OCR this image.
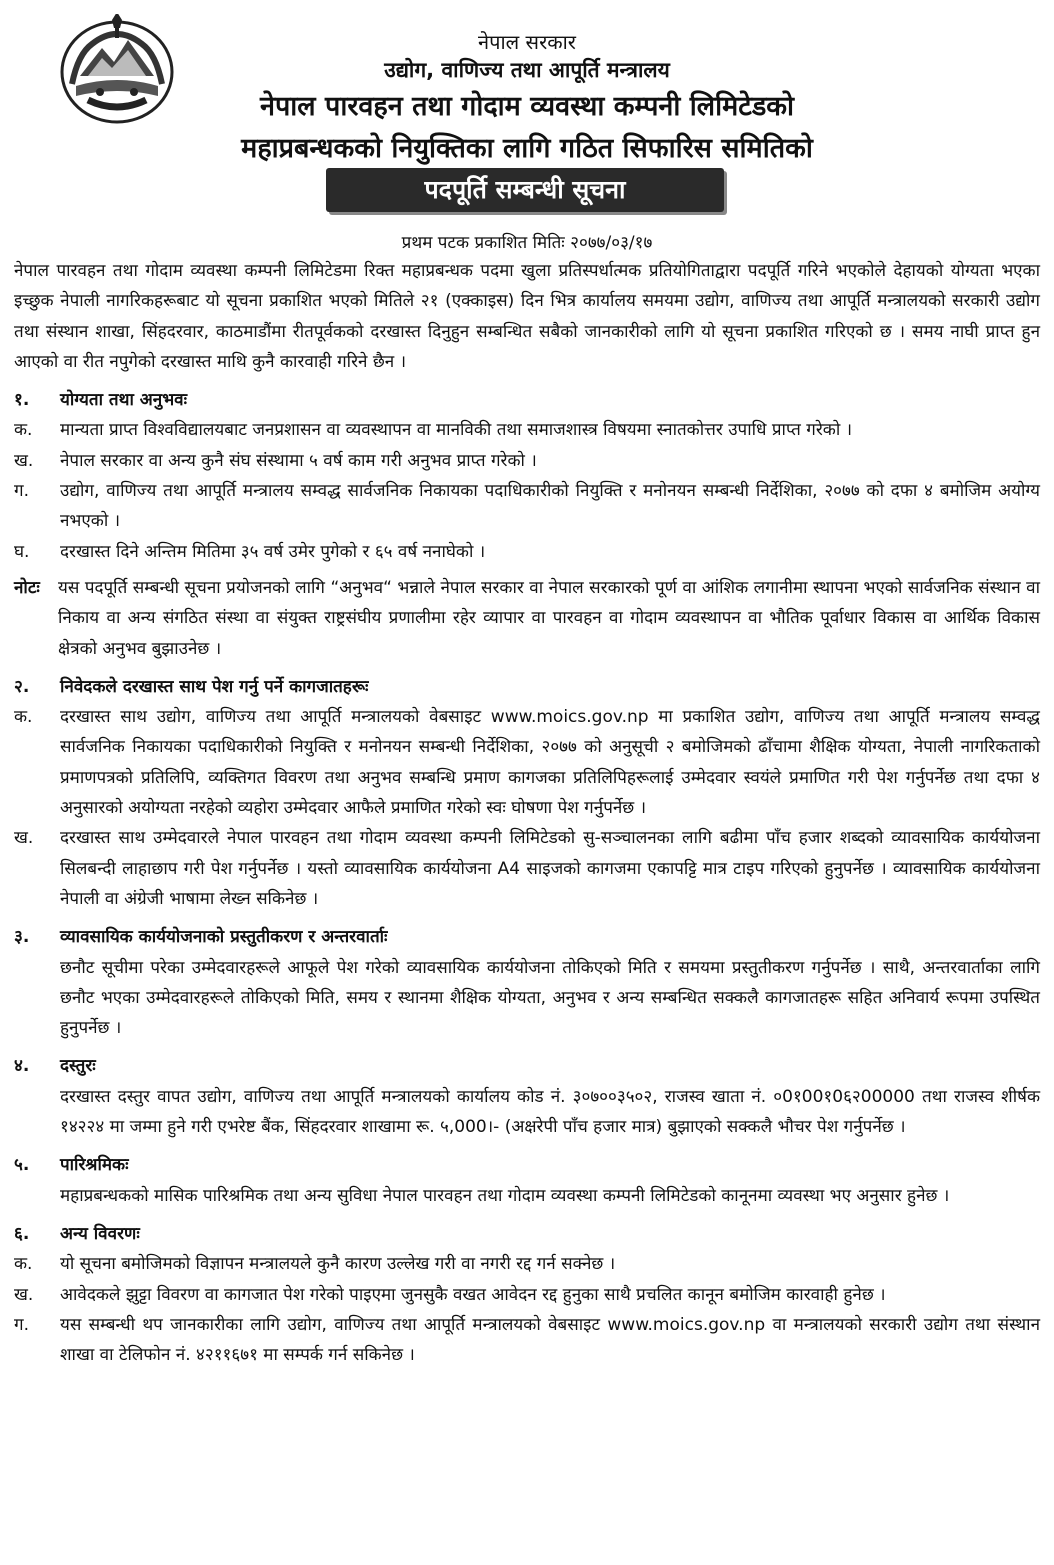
नेपाल सरकार
उद्योग, वाणिज्य तथा आपूर्ति मन्त्रालय
नेपाल पारवहन तथा गोदाम व्यवस्था कम्पनी लिमिटेडको
महाप्रबन्धकको नियुक्तिका लागि गठित सिफारिस समितिको
पदपूर्ति सम्बन्धी सूचना
प्रथम पटक प्रकाशित मितिः २०७७/०३/१७

नेपाल पारवहन तथा गोदाम व्यवस्था कम्पनी लिमिटेडमा रिक्त महाप्रबन्धक पदमा खुला प्रतिस्पर्धात्मक प्रतियोगिताद्वारा पदपूर्ति गरिने भएकोले देहायको योग्यता भएका इच्छुक नेपाली नागरिकहरूबाट यो सूचना प्रकाशित भएको मितिले २१ (एक्काइस) दिन भित्र कार्यालय समयमा उद्योग, वाणिज्य तथा आपूर्ति मन्त्रालयको सरकारी उद्योग तथा संस्थान शाखा, सिंहदरवार, काठमाडौंमा रीतपूर्वकको दरखास्त दिनुहुन सम्बन्धित सबैको जानकारीको लागि यो सूचना प्रकाशित गरिएको छ । समय नाघी प्राप्त हुन आएको वा रीत नपुगेको दरखास्त माथि कुनै कारवाही गरिने छैन ।

१.	योग्यता तथा अनुभवः
क.	मान्यता प्राप्त विश्वविद्यालयबाट जनप्रशासन वा व्यवस्थापन वा मानविकी तथा समाजशास्त्र विषयमा स्नातकोत्तर उपाधि प्राप्त गरेको ।
ख.	नेपाल सरकार वा अन्य कुनै संघ संस्थामा ५ वर्ष काम गरी अनुभव प्राप्त गरेको ।
ग.	उद्योग, वाणिज्य तथा आपूर्ति मन्त्रालय सम्वद्ध सार्वजनिक निकायका पदाधिकारीको नियुक्ति र मनोनयन सम्बन्धी निर्देशिका, २०७७ को दफा ४ बमोजिम अयोग्य नभएको ।
घ.	दरखास्त दिने अन्तिम मितिमा ३५ वर्ष उमेर पुगेको र ६५ वर्ष ननाघेको ।
नोटः	यस पदपूर्ति सम्बन्धी सूचना प्रयोजनको लागि “अनुभव“ भन्नाले नेपाल सरकार वा नेपाल सरकारको पूर्ण वा आंशिक लगानीमा स्थापना भएको सार्वजनिक संस्थान वा निकाय वा अन्य संगठित संस्था वा संयुक्त राष्ट्रसंघीय प्रणालीमा रहेर व्यापार वा पारवहन वा गोदाम व्यवस्थापन वा भौतिक पूर्वाधार विकास वा आर्थिक विकास क्षेत्रको अनुभव बुझाउनेछ ।
२.	निवेदकले दरखास्त साथ पेश गर्नु पर्ने कागजातहरूः
क.	दरखास्त साथ उद्योग, वाणिज्य तथा आपूर्ति मन्त्रालयको वेबसाइट www.moics.gov.np मा प्रकाशित उद्योग, वाणिज्य तथा आपूर्ति मन्त्रालय सम्वद्ध सार्वजनिक निकायका पदाधिकारीको नियुक्ति र मनोनयन सम्बन्धी निर्देशिका, २०७७ को अनुसूची २ बमोजिमको ढाँचामा शैक्षिक योग्यता, नेपाली नागरिकताको प्रमाणपत्रको प्रतिलिपि, व्यक्तिगत विवरण तथा अनुभव सम्बन्धि प्रमाण कागजका प्रतिलिपिहरूलाई उम्मेदवार स्वयंले प्रमाणित गरी पेश गर्नुपर्नेछ तथा दफा ४ अनुसारको अयोग्यता नरहेको व्यहोरा उम्मेदवार आफैले प्रमाणित गरेको स्वः घोषणा पेश गर्नुपर्नेछ ।
ख.	दरखास्त साथ उम्मेदवारले नेपाल पारवहन तथा गोदाम व्यवस्था कम्पनी लिमिटेडको सु-सञ्चालनका लागि बढीमा पाँच हजार शब्दको व्यावसायिक कार्ययोजना सिलबन्दी लाहाछाप गरी पेश गर्नुपर्नेछ । यस्तो व्यावसायिक कार्ययोजना A4 साइजको कागजमा एकापट्टि मात्र टाइप गरिएको हुनुपर्नेछ । व्यावसायिक कार्ययोजना नेपाली वा अंग्रेजी भाषामा लेख्न सकिनेछ ।
३.	व्यावसायिक कार्ययोजनाको प्रस्तुतीकरण र अन्तरवार्ताः
छनौट सूचीमा परेका उम्मेदवारहरूले आफूले पेश गरेको व्यावसायिक कार्ययोजना तोकिएको मिति र समयमा प्रस्तुतीकरण गर्नुपर्नेछ । साथै, अन्तरवार्ताका लागि छनौट भएका उम्मेदवारहरूले तोकिएको मिति, समय र स्थानमा शैक्षिक योग्यता, अनुभव र अन्य सम्बन्धित सक्कलै कागजातहरू सहित अनिवार्य रूपमा उपस्थित हुनुपर्नेछ ।
४.	दस्तुरः
दरखास्त दस्तुर वापत उद्योग, वाणिज्य तथा आपूर्ति मन्त्रालयको कार्यालय कोड नं. ३०७००३५०२, राजस्व खाता नं. ०0१00१0६२00000 तथा राजस्व शीर्षक १४२२४ मा जम्मा हुने गरी एभरेष्ट बैंक, सिंहदरवार शाखामा रू. ५,000।- (अक्षरेपी पाँच हजार मात्र) बुझाएको सक्कलै भौचर पेश गर्नुपर्नेछ ।
५.	पारिश्रमिकः
महाप्रबन्धकको मासिक पारिश्रमिक तथा अन्य सुविधा नेपाल पारवहन तथा गोदाम व्यवस्था कम्पनी लिमिटेडको कानूनमा व्यवस्था भए अनुसार हुनेछ ।
६.	अन्य विवरणः
क.	यो सूचना बमोजिमको विज्ञापन मन्त्रालयले कुनै कारण उल्लेख गरी वा नगरी रद्द गर्न सक्नेछ ।
ख.	आवेदकले झुट्टा विवरण वा कागजात पेश गरेको पाइएमा जुनसुकै वखत आवेदन रद्द हुनुका साथै प्रचलित कानून बमोजिम कारवाही हुनेछ ।
ग.	यस सम्बन्धी थप जानकारीका लागि उद्योग, वाणिज्य तथा आपूर्ति मन्त्रालयको वेबसाइट www.moics.gov.np वा मन्त्रालयको सरकारी उद्योग तथा संस्थान शाखा वा टेलिफोन नं. ४२११६७१ मा सम्पर्क गर्न सकिनेछ ।
